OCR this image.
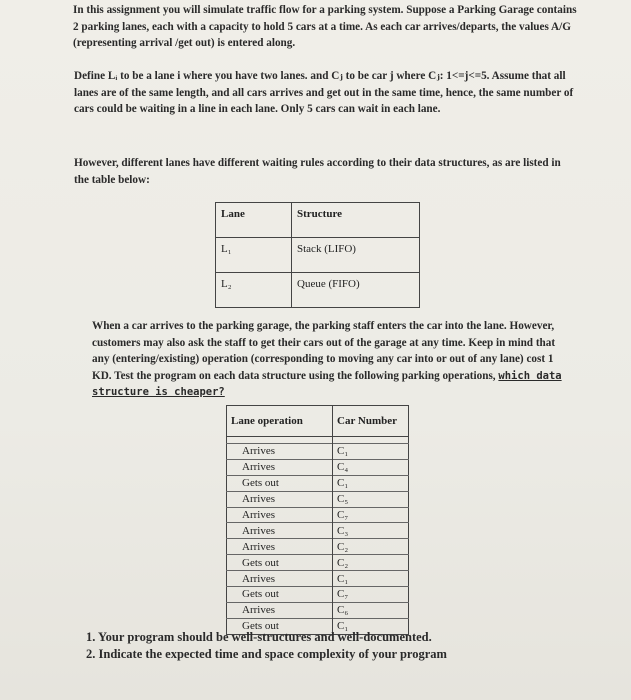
In this assignment you will simulate traffic flow for a parking system. Suppose a Parking Garage contains 2 parking lanes, each with a capacity to hold 5 cars at a time. As each car arrives/departs, the values A/G (representing arrival /get out) is entered along.

Define Lᵢ to be a lane i where you have two lanes. and Cⱼ to be car j where Cⱼ: 1<=j<=5. Assume that all lanes are of the same length, and all cars arrives and get out in the same time, hence, the same number of cars could be waiting in a line in each lane. Only 5 cars can wait in each lane.

However, different lanes have different waiting rules according to their data structures, as are listed in the table below:

Lane	Structure
L₁	Stack (LIFO)
L₂	Queue (FIFO)

When a car arrives to the parking garage, the parking staff enters the car into the lane. However, customers may also ask the staff to get their cars out of the garage at any time. Keep in mind that any (entering/existing) operation (corresponding to moving any car into or out of any lane) cost 1 KD. Test the program on each data structure using the following parking operations, which data structure is cheaper?

Lane operation	Car Number

Arrives	C₁
Arrives	C₄
Gets out	C₁
Arrives	C₅
Arrives	C₇
Arrives	C₃
Arrives	C₂
Gets out	C₂
Arrives	C₁
Gets out	C₇
Arrives	C₆
Gets out	C₁
1. Your program should be well-structures and well-documented.
2. Indicate the expected time and space complexity of your program
